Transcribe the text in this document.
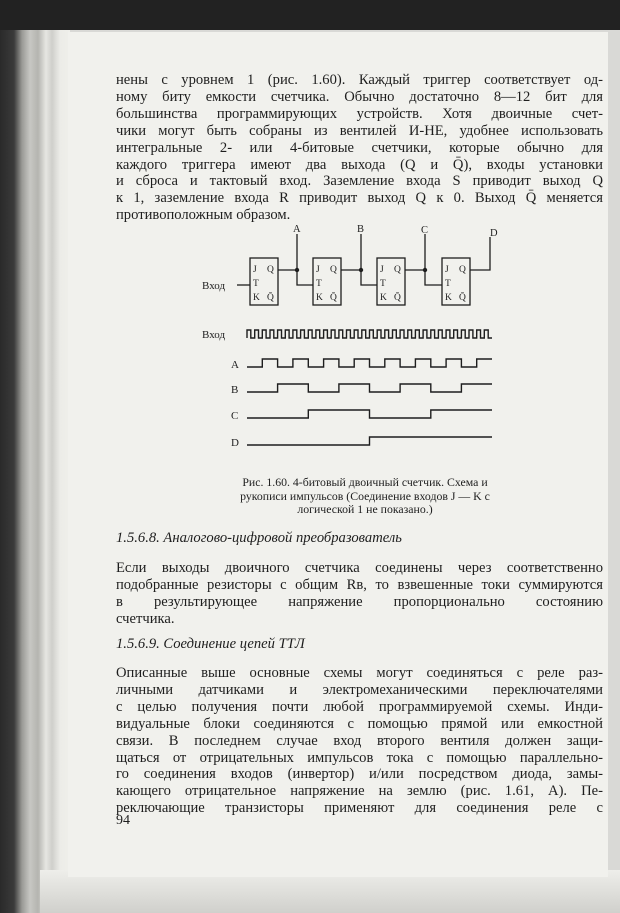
нены с уровнем 1 (рис. 1.60). Каждый триггер соответствует од-
ному биту емкости счетчика. Обычно достаточно 8—12 бит для
большинства программирующих устройств. Хотя двоичные счет-
чики могут быть собраны из вентилей И-НЕ, удобнее использовать
интегральные 2- или 4-битовые счетчики, которые обычно для
каждого триггера имеют два выхода (Q и Q̄), входы установки
и сброса и тактовый вход. Заземление входа S приводит выход Q
к 1, заземление входа R приводит выход Q к 0. Выход Q̄ меняется
противоположным образом.
Вход
A	B	C	D
J Q
T
K Q̄
J Q
T
K Q̄
J Q
T
K Q̄
J Q
T
K Q̄
Вход
A
B
C
D
Рис. 1.60. 4-битовый двоичный счетчик. Схема и
рукописи импульсов (Соединение входов J — K с
логической 1 не показано.)

1.5.6.8. Аналогово-цифровой преобразователь

Если выходы двоичного счетчика соединены через соответственно
подобранные резисторы с общим Rв, то взвешенные токи суммируются
в результирующее напряжение пропорционально состоянию
счетчика.

1.5.6.9. Соединение цепей ТТЛ

Описанные выше основные схемы могут соединяться с реле раз-
личными датчиками и электромеханическими переключателями
с целью получения почти любой программируемой схемы. Инди-
видуальные блоки соединяются с помощью прямой или емкостной
связи. В последнем случае вход второго вентиля должен защи-
щаться от отрицательных импульсов тока с помощью параллельно-
го соединения входов (инвертор) и/или посредством диода, замы-
кающего отрицательное напряжение на землю (рис. 1.61, А). Пе-
реключающие транзисторы применяют для соединения реле с

94
